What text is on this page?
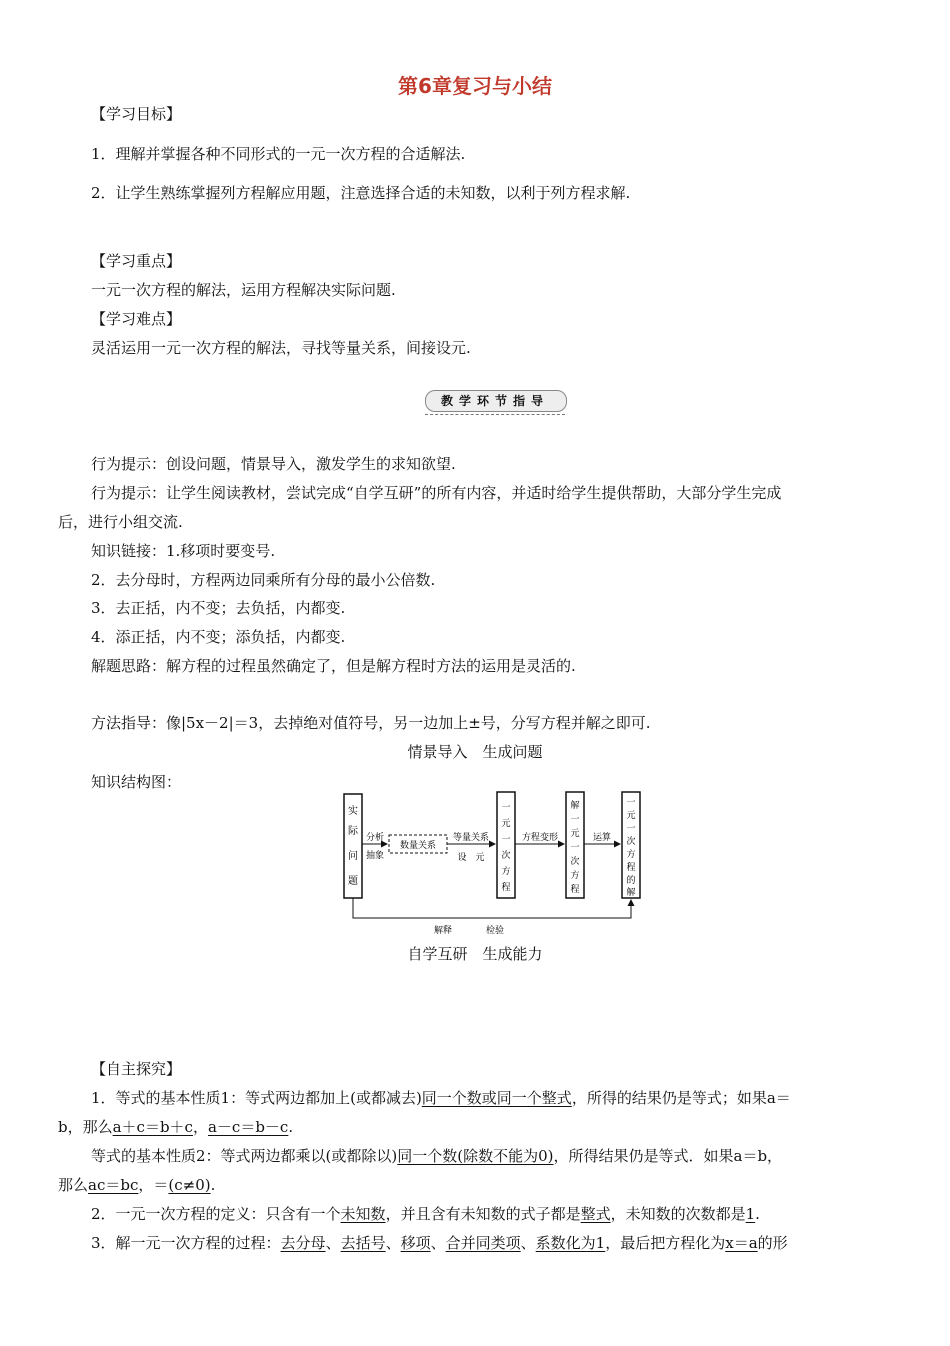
第6章复习与小结
【学习目标】
1．理解并掌握各种不同形式的一元一次方程的合适解法.
2．让学生熟练掌握列方程解应用题，注意选择合适的未知数，以利于列方程求解.
【学习重点】
一元一次方程的解法，运用方程解决实际问题.
【学习难点】
灵活运用一元一次方程的解法，寻找等量关系，间接设元.
教学环节指导
行为提示：创设问题，情景导入，激发学生的求知欲望.
行为提示：让学生阅读教材，尝试完成“自学互研”的所有内容，并适时给学生提供帮助，大部分学生完成
后，进行小组交流.
知识链接：1.移项时要变号.
2．去分母时，方程两边同乘所有分母的最小公倍数.
3．去正括，内不变；去负括，内都变.
4．添正括，内不变；添负括，内都变.
解题思路：解方程的过程虽然确定了，但是解方程时方法的运用是灵活的.
方法指导：像|5x－2|＝3，去掉绝对值符号，另一边加上±号，分写方程并解之即可.
情景导入　生成问题
知识结构图：
实
际
问
题
分析
抽象
数量关系
等量关系
设　元
一
元
一
次
方
程
方程变形
解
一
元
一
次
方
程
运算
一
元
一
次
方
程
的
解
解释	检验
自学互研　生成能力
【自主探究】
1．等式的基本性质1：等式两边都加上(或都减去)同一个数或同一个整式，所得的结果仍是等式；如果a＝
b，那么a＋c＝b＋c，a－c＝b－c.
等式的基本性质2：等式两边都乘以(或都除以)同一个数(除数不能为0)，所得结果仍是等式．如果a＝b，
那么ac＝bc，＝(c≠0).
2．一元一次方程的定义：只含有一个未知数，并且含有未知数的式子都是整式，未知数的次数都是1.
3．解一元一次方程的过程：去分母、去括号、移项、合并同类项、系数化为1，最后把方程化为x＝a的形
